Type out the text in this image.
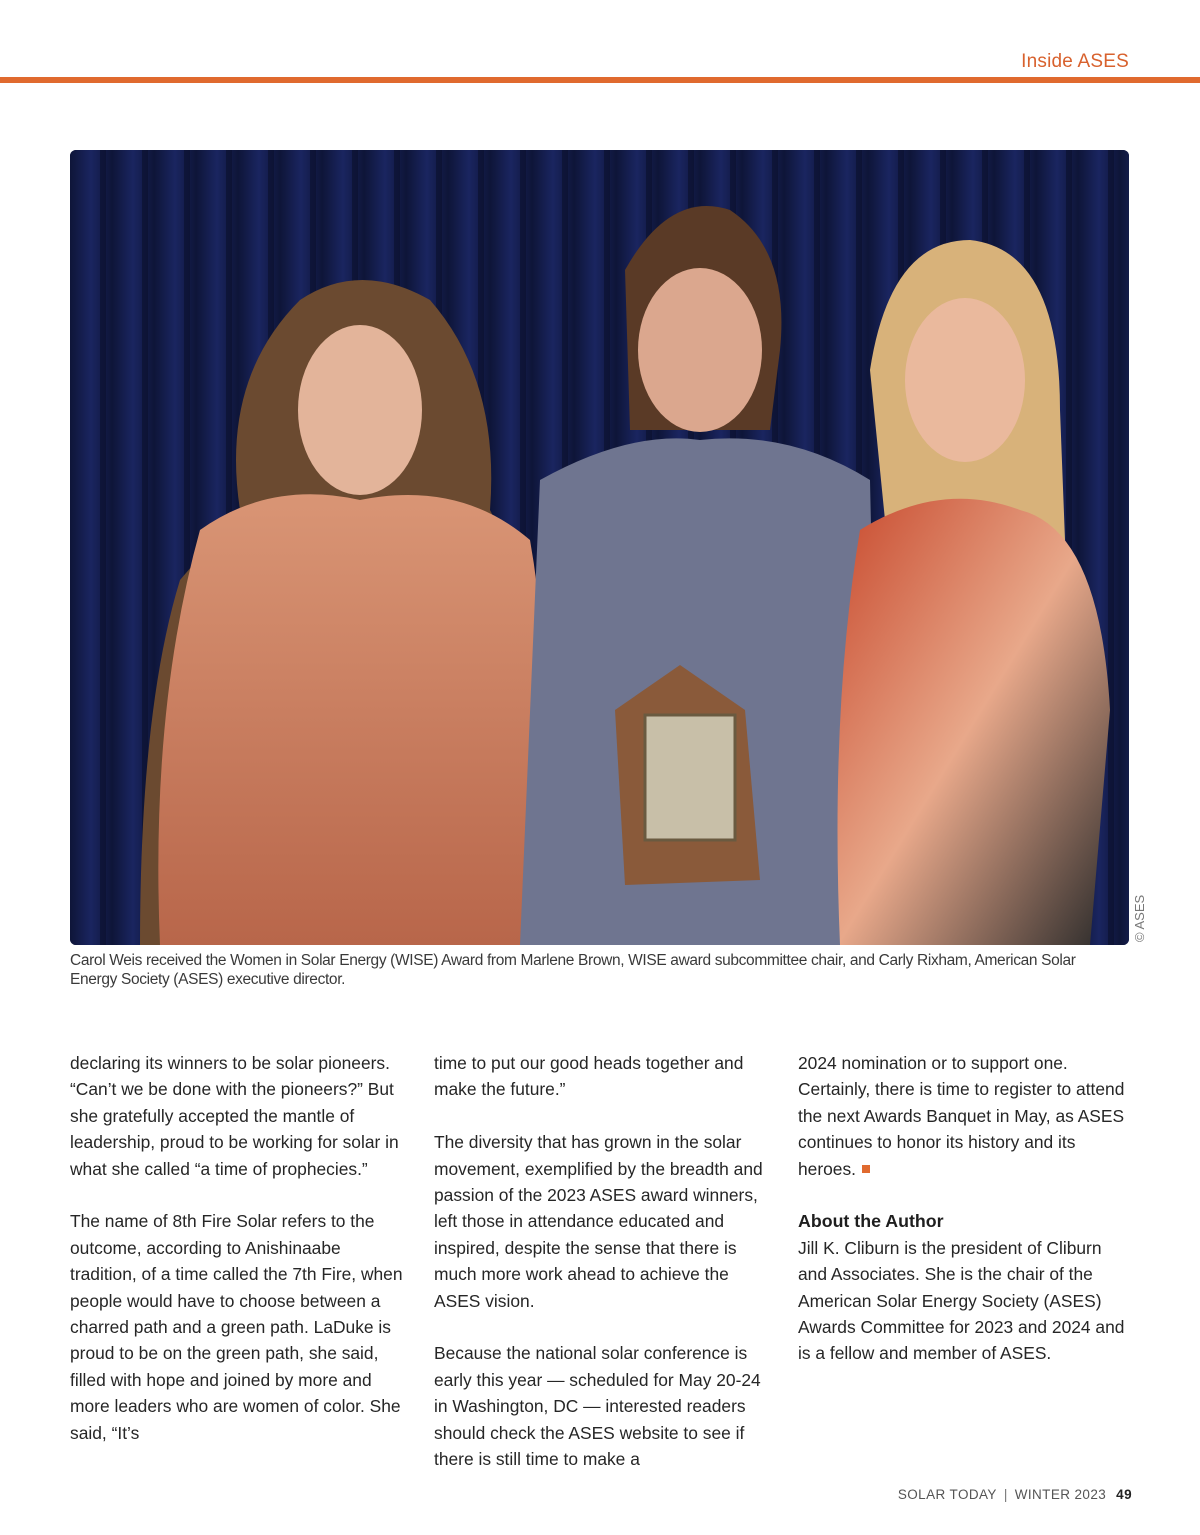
Inside ASES
© ASES
Carol Weis received the Women in Solar Energy (WISE) Award from Marlene Brown, WISE award subcommittee chair, and Carly Rixham, American Solar Energy Society (ASES) executive director.

declaring its winners to be solar pioneers. “Can’t we be done with the pioneers?” But she gratefully accepted the mantle of leadership, proud to be working for solar in what she called “a time of prophecies.”

The name of 8th Fire Solar refers to the outcome, according to Anishinaabe tradition, of a time called the 7th Fire, when people would have to choose between a charred path and a green path. LaDuke is proud to be on the green path, she said, filled with hope and joined by more and more leaders who are women of color. She said, “It’s

time to put our good heads together and make the future.”

The diversity that has grown in the solar movement, exemplified by the breadth and passion of the 2023 ASES award winners, left those in attendance educated and inspired, despite the sense that there is much more work ahead to achieve the ASES vision.

Because the national solar conference is early this year — scheduled for May 20-24 in Washington, DC — interested readers should check the ASES website to see if there is still time to make a

2024 nomination or to support one. Certainly, there is time to register to attend the next Awards Banquet in May, as ASES continues to honor its history and its heroes.

About the Author

Jill K. Cliburn is the president of Cliburn and Associates. She is the chair of the American Solar Energy Society (ASES) Awards Committee for 2023 and 2024 and is a fellow and member of ASES.

SOLAR TODAY | WINTER 2023 49
